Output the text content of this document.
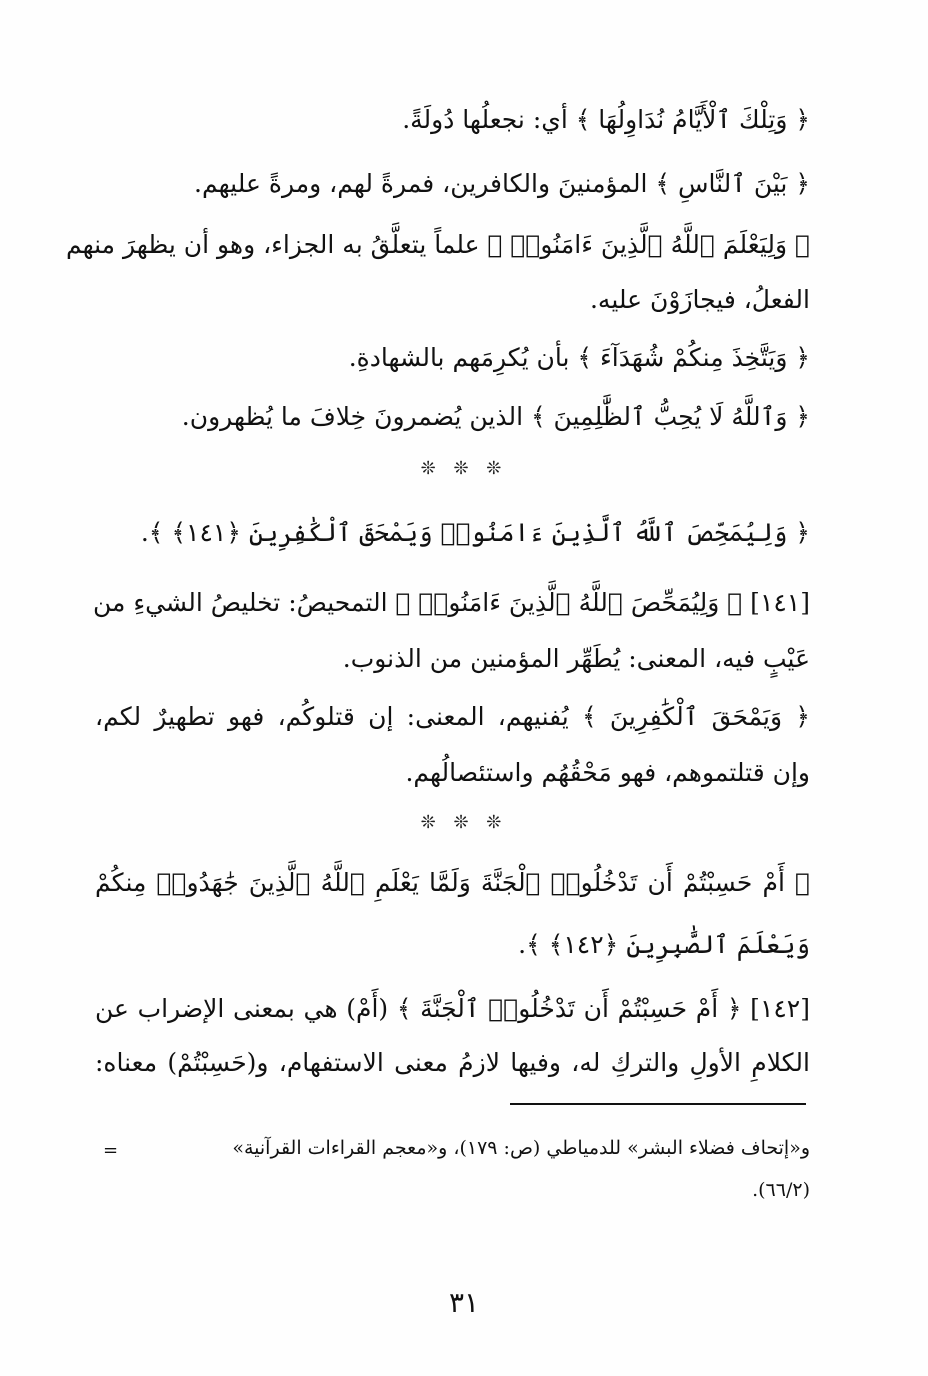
﴿ وَتِلْكَ ٱلْأَيَّامُ نُدَاوِلُهَا ﴾ أي: نجعلُها دُولَةً.
﴿ بَيْنَ ٱلنَّاسِ ﴾ المؤمنينَ والكافرين، فمرةً لهم، ومرةً عليهم.
﴿ وَلِيَعْلَمَ ٱللَّهُ ٱلَّذِينَ ءَامَنُوا۟ ﴾ علماً يتعلَّقُ به الجزاء، وهو أن يظهرَ منهم
الفعلُ، فيجازَوْنَ عليه.
﴿ وَيَتَّخِذَ مِنكُمْ شُهَدَآءَ ﴾ بأن يُكرِمَهم بالشهادةِ.
﴿ وَٱللَّهُ لَا يُحِبُّ ٱلظَّٰلِمِينَ ﴾ الذين يُضمرونَ خِلافَ ما يُظهرون.
❊ ❊ ❊
﴿ وَلِيُمَحِّصَ ٱللَّهُ ٱلَّذِينَ ءَامَنُوا۟ وَيَمْحَقَ ٱلْكَٰفِرِينَ ﴿١٤١﴾ ﴾.
[١٤١] ﴿ وَلِيُمَحِّصَ ٱللَّهُ ٱلَّذِينَ ءَامَنُوا۟ ﴾ التمحيصُ: تخليصُ الشيءِ من
عَيْبٍ فيه، المعنى: يُطَهِّر المؤمنين من الذنوب.
﴿ وَيَمْحَقَ ٱلْكَٰفِرِينَ ﴾ يُفنيهم، المعنى: إن قتلوكُم، فهو تطهيرٌ لكم،
وإن قتلتموهم، فهو مَحْقُهُم واستئصالُهم.
❊ ❊ ❊
﴿ أَمْ حَسِبْتُمْ أَن تَدْخُلُوا۟ ٱلْجَنَّةَ وَلَمَّا يَعْلَمِ ٱللَّهُ ٱلَّذِينَ جَٰهَدُوا۟ مِنكُمْ
وَيَعْلَمَ ٱلصَّٰبِرِينَ ﴿١٤٢﴾ ﴾.
[١٤٢] ﴿ أَمْ حَسِبْتُمْ أَن تَدْخُلُوا۟ ٱلْجَنَّةَ ﴾ (أَمْ) هي بمعنى الإضراب عن
الكلامِ الأولِ والتركِ له، وفيها لازمُ معنى الاستفهام، و(حَسِبْتُمْ) معناه:
=	و«إتحاف فضلاء البشر» للدمياطي (ص: ١٧٩)، و«معجم القراءات القرآنية»
(٦٦/٢).
٣١
